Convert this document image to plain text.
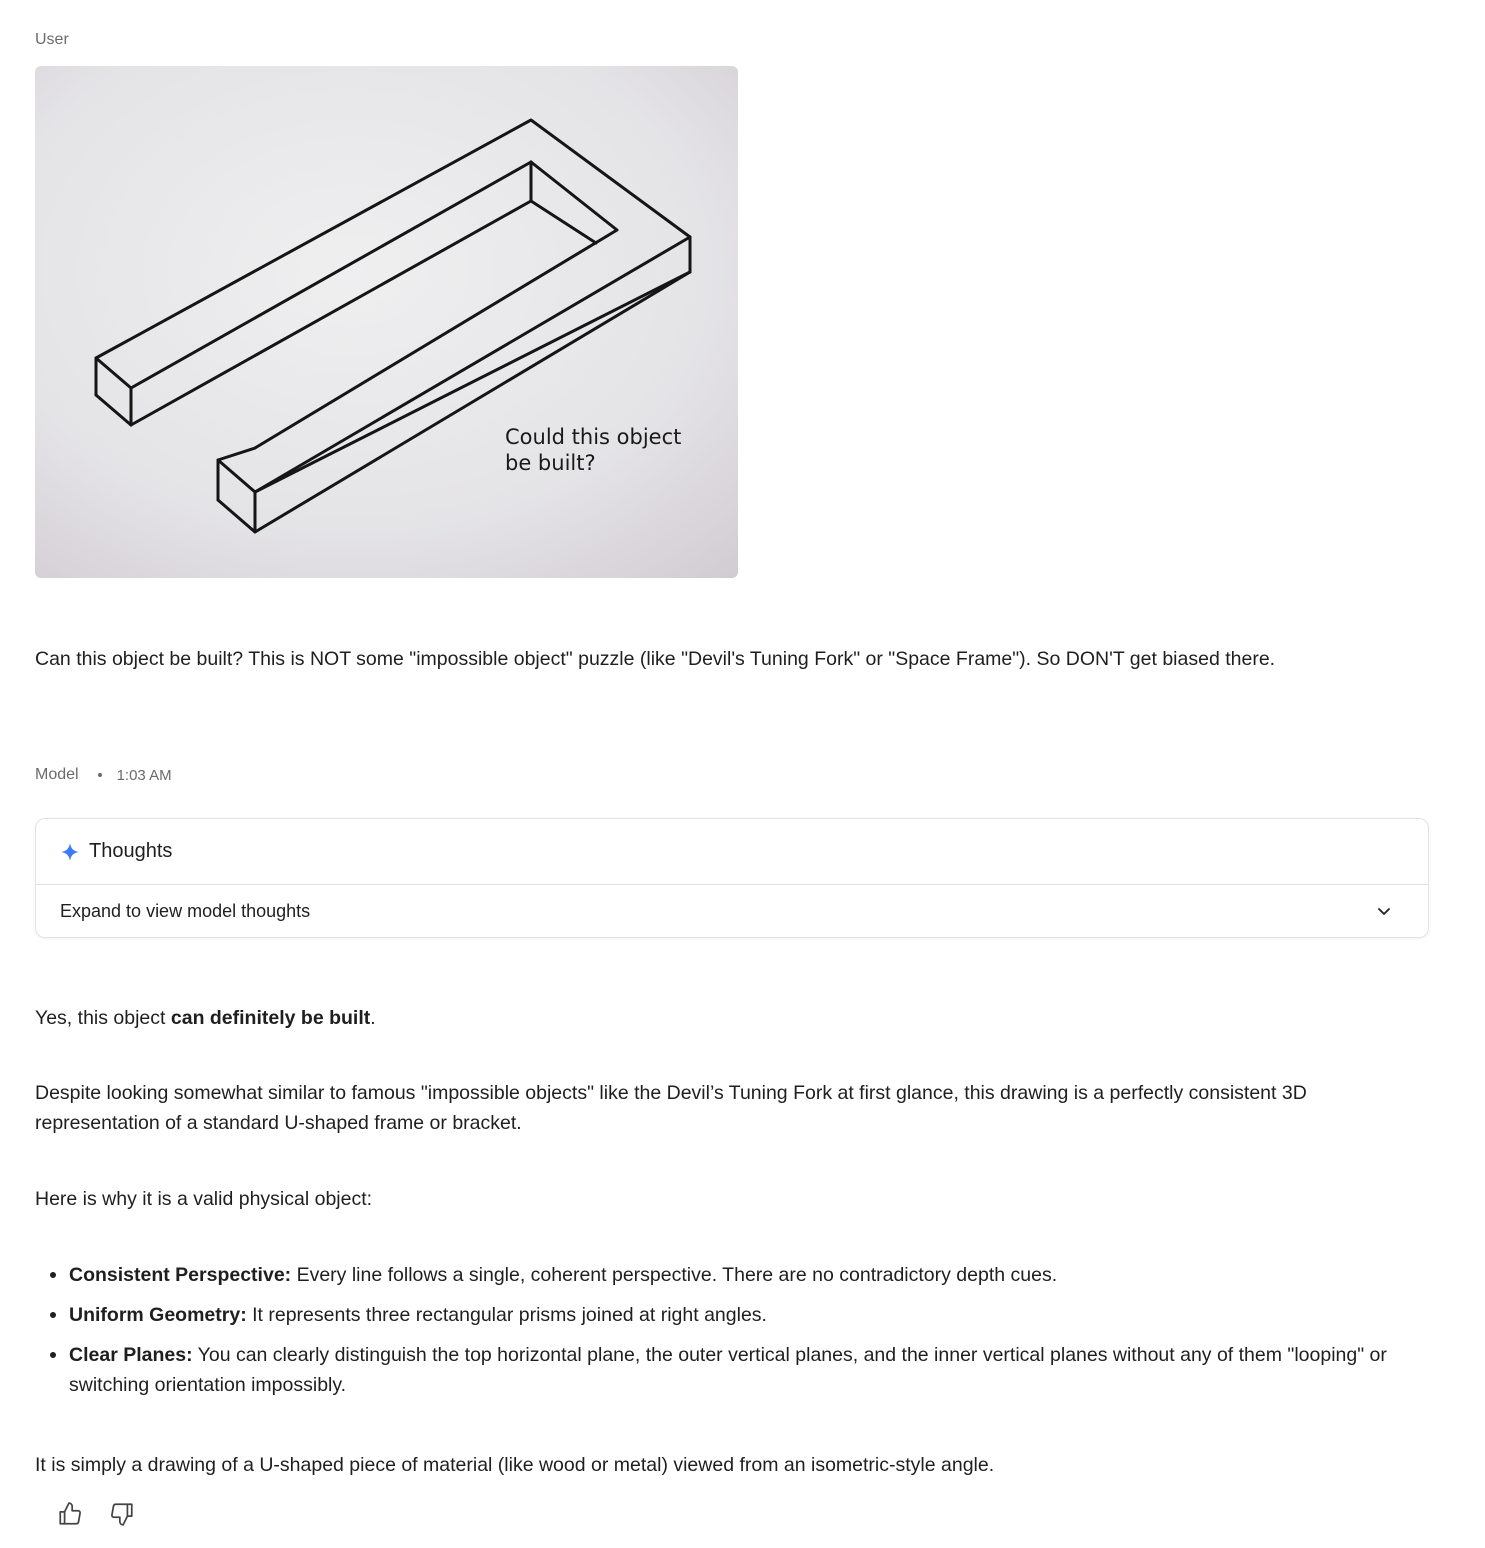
User
Could this object
be built?
Can this object be built? This is NOT some "impossible object" puzzle (like "Devil's Tuning Fork" or "Space Frame"). So DON'T get biased there.
Model	1:03 AM
Thoughts
Expand to view model thoughts
Yes, this object can definitely be built.
Despite looking somewhat similar to famous "impossible objects" like the Devil’s Tuning Fork at first glance, this drawing is a perfectly consistent 3D representation of a standard U-shaped frame or bracket.
Here is why it is a valid physical object:
Consistent Perspective: Every line follows a single, coherent perspective. There are no contradictory depth cues.
Uniform Geometry: It represents three rectangular prisms joined at right angles.
Clear Planes: You can clearly distinguish the top horizontal plane, the outer vertical planes, and the inner vertical planes without any of them "looping" or switching orientation impossibly.
It is simply a drawing of a U-shaped piece of material (like wood or metal) viewed from an isometric-style angle.
